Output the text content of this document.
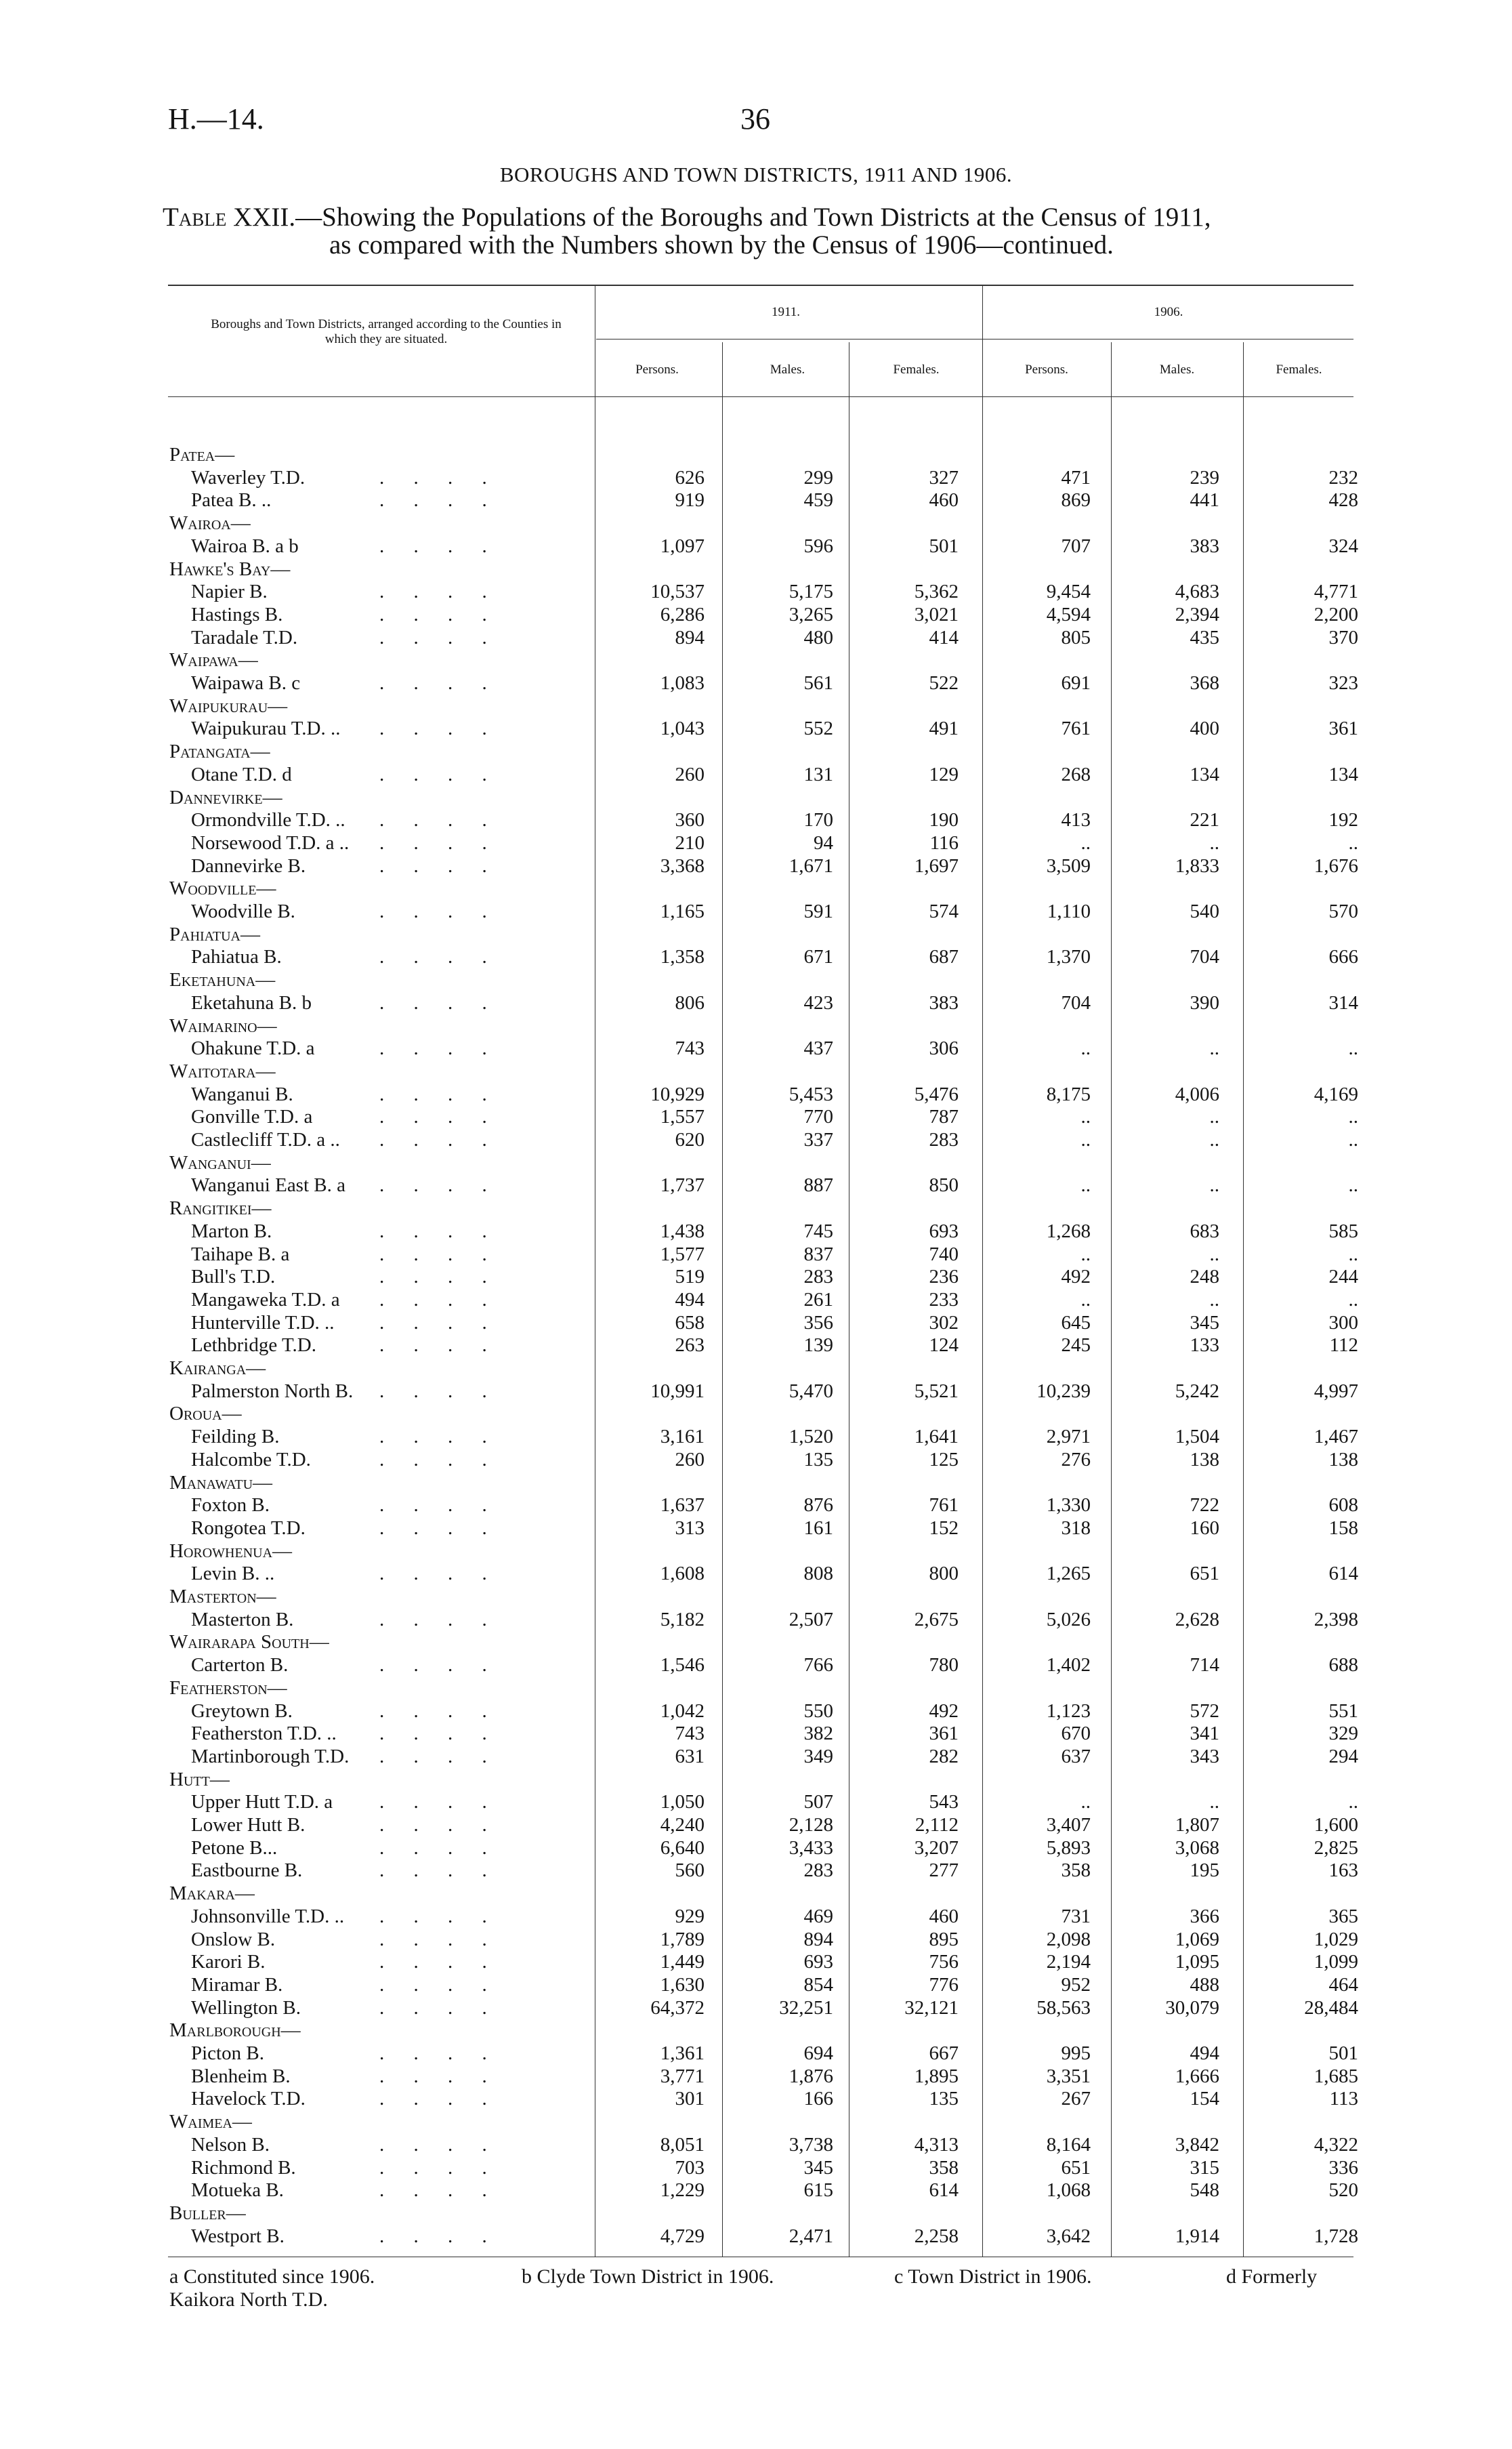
H.—14.	36
BOROUGHS AND TOWN DISTRICTS, 1911 AND 1906.
Table XXII.—Showing the Populations of the Boroughs and Town Districts at the Census of 1911,
as compared with the Numbers shown by the Census of 1906—continued.
Boroughs and Town Districts, arranged according to the Counties in which they are situated.
1911.	1906.
Persons.	Males.	Females.	Persons.	Males.	Females.
Patea—
Waverley T.D.	. . . .	626	299	327	471	239	232
Patea B. ..	. . . .	919	459	460	869	441	428
Wairoa—
Wairoa B. a b	. . . .	1,097	596	501	707	383	324
Hawke's Bay—
Napier B.	. . . .	10,537	5,175	5,362	9,454	4,683	4,771
Hastings B.	. . . .	6,286	3,265	3,021	4,594	2,394	2,200
Taradale T.D.	. . . .	894	480	414	805	435	370
Waipawa—
Waipawa B. c	. . . .	1,083	561	522	691	368	323
Waipukurau—
Waipukurau T.D. .. . . . .	1,043	552	491	761	400	361
Patangata—
Otane T.D. d	. . . .	260	131	129	268	134	134
Dannevirke—
Ormondville T.D. .. . . . .	360	170	190	413	221	192
Norsewood T.D. a .. . . . .	210	94	116	..	..	..
Dannevirke B.	. . . .	3,368	1,671	1,697	3,509	1,833	1,676
Woodville—
Woodville B.	. . . .	1,165	591	574	1,110	540	570
Pahiatua—
Pahiatua B.	. . . .	1,358	671	687	1,370	704	666
Eketahuna—
Eketahuna B. b	. . . .	806	423	383	704	390	314
Waimarino—
Ohakune T.D. a	. . . .	743	437	306	..	..	..
Waitotara—
Wanganui B.	. . . .	10,929	5,453	5,476	8,175	4,006	4,169
Gonville T.D. a	. . . .	1,557	770	787	..	..	..
Castlecliff T.D. a .. . . . .	620	337	283	..	..	..
Wanganui—
Wanganui East B. a . . . .	1,737	887	850	..	..	..
Rangitikei—
Marton B.	. . . .	1,438	745	693	1,268	683	585
Taihape B. a	. . . .	1,577	837	740	..	..	..
Bull's T.D.	. . . .	519	283	236	492	248	244
Mangaweka T.D. a . . . .	494	261	233	..	..	..
Hunterville T.D. .. . . . .	658	356	302	645	345	300
Lethbridge T.D.	. . . .	263	139	124	245	133	112
Kairanga—
Palmerston North B. . . . .	10,991	5,470	5,521	10,239	5,242	4,997
Oroua—
Feilding B.	. . . .	3,161	1,520	1,641	2,971	1,504	1,467
Halcombe T.D.	. . . .	260	135	125	276	138	138
Manawatu—
Foxton B.	. . . .	1,637	876	761	1,330	722	608
Rongotea T.D.	. . . .	313	161	152	318	160	158
Horowhenua—
Levin B. ..	. . . .	1,608	808	800	1,265	651	614
Masterton—
Masterton B.	. . . .	5,182	2,507	2,675	5,026	2,628	2,398
Wairarapa South—
Carterton B.	. . . .	1,546	766	780	1,402	714	688
Featherston—
Greytown B.	. . . .	1,042	550	492	1,123	572	551
Featherston T.D. .. . . . .	743	382	361	670	341	329
Martinborough T.D. . . . .	631	349	282	637	343	294
Hutt—
Upper Hutt T.D. a . . . .	1,050	507	543	..	..	..
Lower Hutt B.	. . . .	4,240	2,128	2,112	3,407	1,807	1,600
Petone B...	. . . .	6,640	3,433	3,207	5,893	3,068	2,825
Eastbourne B.	. . . .	560	283	277	358	195	163
Makara—
Johnsonville T.D. .. . . . .	929	469	460	731	366	365
Onslow B.	. . . .	1,789	894	895	2,098	1,069	1,029
Karori B.	. . . .	1,449	693	756	2,194	1,095	1,099
Miramar B.	. . . .	1,630	854	776	952	488	464
Wellington B.	. . . .	64,372	32,251	32,121	58,563	30,079	28,484
Marlborough—
Picton B.	. . . .	1,361	694	667	995	494	501
Blenheim B.	. . . .	3,771	1,876	1,895	3,351	1,666	1,685
Havelock T.D.	. . . .	301	166	135	267	154	113
Waimea—
Nelson B.	. . . .	8,051	3,738	4,313	8,164	3,842	4,322
Richmond B.	. . . .	703	345	358	651	315	336
Motueka B.	. . . .	1,229	615	614	1,068	548	520
Buller—
Westport B.	. . . .	4,729	2,471	2,258	3,642	1,914	1,728
a Constituted since 1906.	b Clyde Town District in 1906.	c Town District in 1906.	d Formerly
Kaikora North T.D.
